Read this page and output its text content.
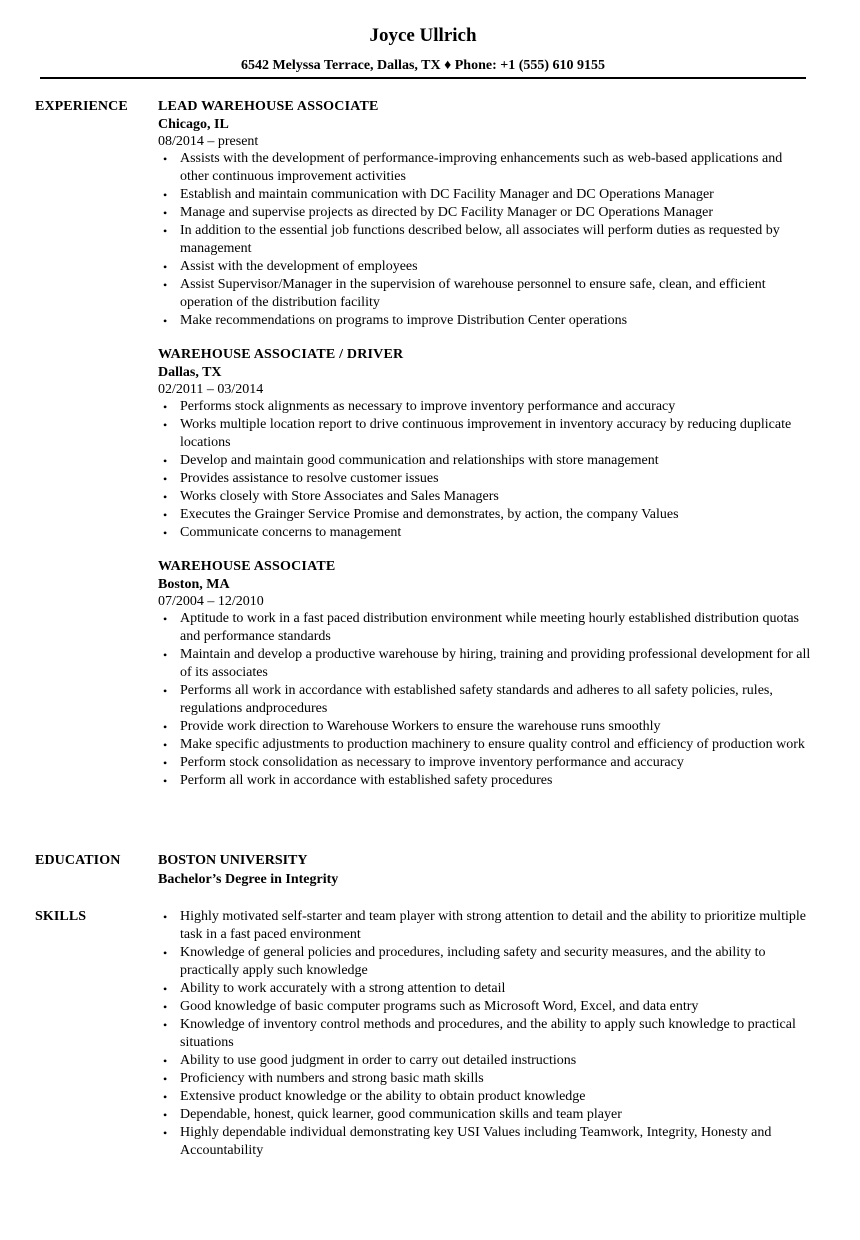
Joyce Ullrich
6542 Melyssa Terrace, Dallas, TX ♦ Phone: +1 (555) 610 9155
EXPERIENCE LEAD WAREHOUSE ASSOCIATE
Chicago, IL
08/2014 – present
• Assists with the development of performance-improving enhancements such as web-based applications and other continuous improvement activities
• Establish and maintain communication with DC Facility Manager and DC Operations Manager
• Manage and supervise projects as directed by DC Facility Manager or DC Operations Manager
• In addition to the essential job functions described below, all associates will perform duties as requested by management
• Assist with the development of employees
• Assist Supervisor/Manager in the supervision of warehouse personnel to ensure safe, clean, and efficient operation of the distribution facility
• Make recommendations on programs to improve Distribution Center operations
WAREHOUSE ASSOCIATE / DRIVER
Dallas, TX
02/2011 – 03/2014
• Performs stock alignments as necessary to improve inventory performance and accuracy
• Works multiple location report to drive continuous improvement in inventory accuracy by reducing duplicate locations
• Develop and maintain good communication and relationships with store management
• Provides assistance to resolve customer issues
• Works closely with Store Associates and Sales Managers
• Executes the Grainger Service Promise and demonstrates, by action, the company Values
• Communicate concerns to management
WAREHOUSE ASSOCIATE
Boston, MA
07/2004 – 12/2010
• Aptitude to work in a fast paced distribution environment while meeting hourly established distribution quotas and performance standards
• Maintain and develop a productive warehouse by hiring, training and providing professional development for all of its associates
• Performs all work in accordance with established safety standards and adheres to all safety policies, rules, regulations andprocedures
• Provide work direction to Warehouse Workers to ensure the warehouse runs smoothly
• Make specific adjustments to production machinery to ensure quality control and efficiency of production work
• Perform stock consolidation as necessary to improve inventory performance and accuracy
• Perform all work in accordance with established safety procedures
EDUCATION	BOSTON UNIVERSITY
Bachelor’s Degree in Integrity
SKILLS	• Highly motivated self-starter and team player with strong attention to detail and the ability to prioritize multiple task in a fast paced environment
• Knowledge of general policies and procedures, including safety and security measures, and the ability to practically apply such knowledge
• Ability to work accurately with a strong attention to detail
• Good knowledge of basic computer programs such as Microsoft Word, Excel, and data entry
• Knowledge of inventory control methods and procedures, and the ability to apply such knowledge to practical situations
• Ability to use good judgment in order to carry out detailed instructions
• Proficiency with numbers and strong basic math skills
• Extensive product knowledge or the ability to obtain product knowledge
• Dependable, honest, quick learner, good communication skills and team player
• Highly dependable individual demonstrating key USI Values including Teamwork, Integrity, Honesty and Accountability
